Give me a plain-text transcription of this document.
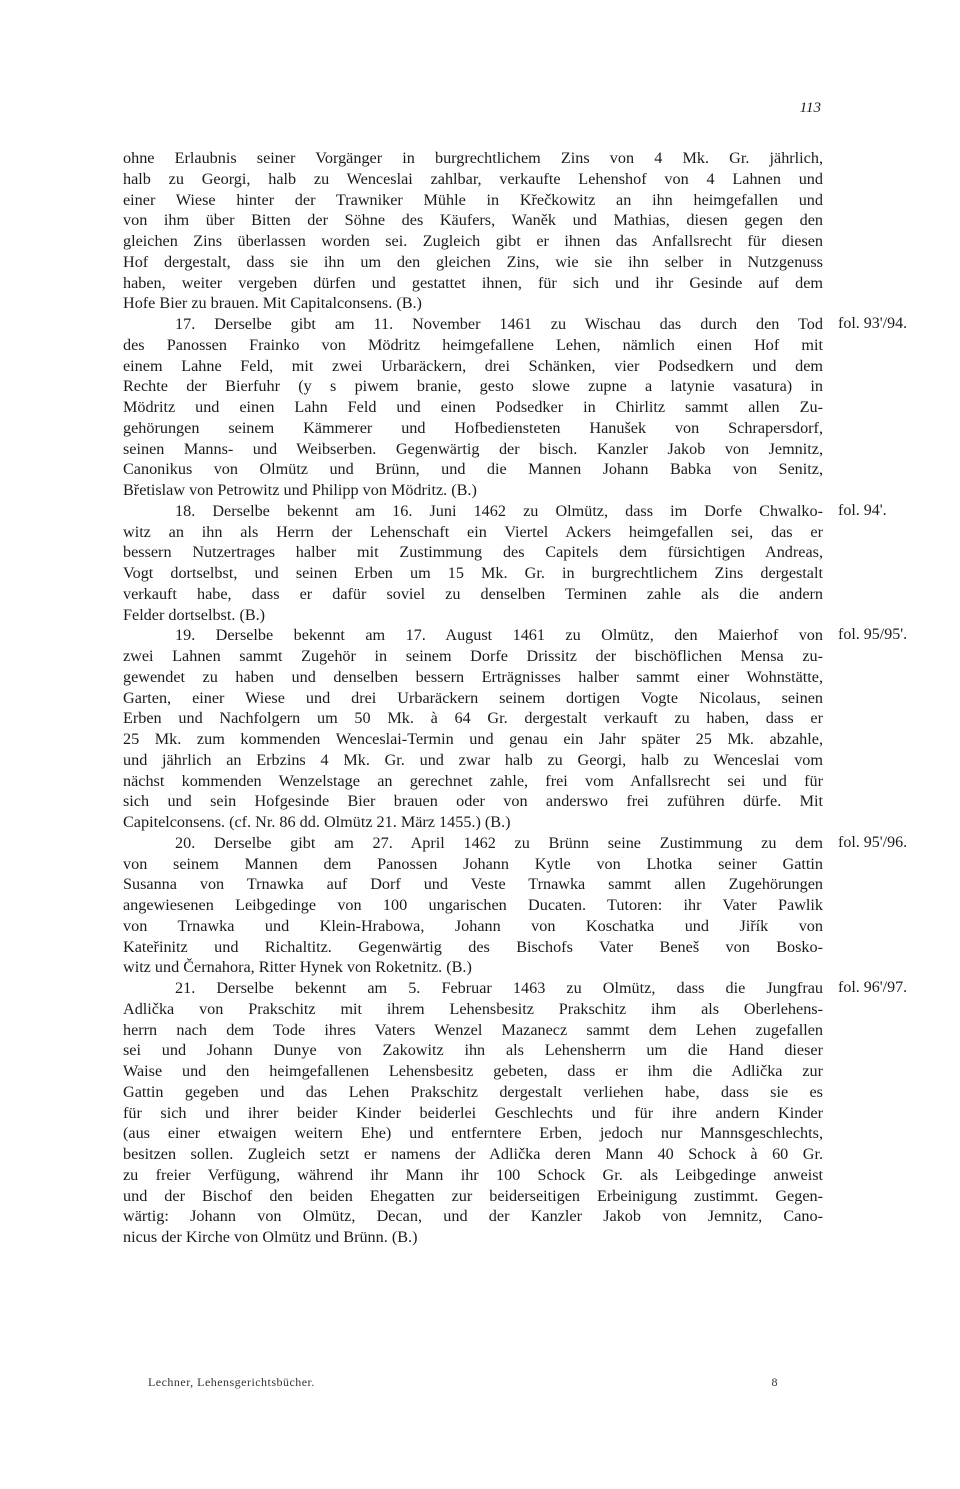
113
ohne Erlaubnis seiner Vorgänger in burgrechtlichem Zins von 4 Mk. Gr. jährlich,
halb zu Georgi, halb zu Wenceslai zahlbar, verkaufte Lehenshof von 4 Lahnen und
einer Wiese hinter der Trawniker Mühle in Křečkowitz an ihn heimgefallen und
von ihm über Bitten der Söhne des Käufers, Waněk und Mathias, diesen gegen den
gleichen Zins überlassen worden sei. Zugleich gibt er ihnen das Anfallsrecht für diesen
Hof dergestalt, dass sie ihn um den gleichen Zins, wie sie ihn selber in Nutzgenuss
haben, weiter vergeben dürfen und gestattet ihnen, für sich und ihr Gesinde auf dem
Hofe Bier zu brauen. Mit Capitalconsens. (B.)
17. Derselbe gibt am 11. November 1461 zu Wischau das durch den Tod fol. 93'/94.
des Panossen Frainko von Mödritz heimgefallene Lehen, nämlich einen Hof mit
einem Lahne Feld, mit zwei Urbaräckern, drei Schänken, vier Podsedkern und dem
Rechte der Bierfuhr (y s piwem branie, gesto slowe zupne a latynie vasatura) in
Mödritz und einen Lahn Feld und einen Podsedker in Chirlitz sammt allen Zu-
gehörungen seinem Kämmerer und Hofbediensteten Hanušek von Schrapersdorf,
seinen Manns- und Weibserben. Gegenwärtig der bisch. Kanzler Jakob von Jemnitz,
Canonikus von Olmütz und Brünn, und die Mannen Johann Babka von Senitz,
Břetislaw von Petrowitz und Philipp von Mödritz. (B.)
18. Derselbe bekennt am 16. Juni 1462 zu Olmütz, dass im Dorfe Chwalko- fol. 94'.
witz an ihn als Herrn der Lehenschaft ein Viertel Ackers heimgefallen sei, das er
bessern Nutzertrages halber mit Zustimmung des Capitels dem fürsichtigen Andreas,
Vogt dortselbst, und seinen Erben um 15 Mk. Gr. in burgrechtlichem Zins dergestalt
verkauft habe, dass er dafür soviel zu denselben Terminen zahle als die andern
Felder dortselbst. (B.)
19. Derselbe bekennt am 17. August 1461 zu Olmütz, den Maierhof von fol. 95/95'.
zwei Lahnen sammt Zugehör in seinem Dorfe Drissitz der bischöflichen Mensa zu-
gewendet zu haben und denselben bessern Erträgnisses halber sammt einer Wohnstätte,
Garten, einer Wiese und drei Urbaräckern seinem dortigen Vogte Nicolaus, seinen
Erben und Nachfolgern um 50 Mk. à 64 Gr. dergestalt verkauft zu haben, dass er
25 Mk. zum kommenden Wenceslai-Termin und genau ein Jahr später 25 Mk. abzahle,
und jährlich an Erbzins 4 Mk. Gr. und zwar halb zu Georgi, halb zu Wenceslai vom
nächst kommenden Wenzelstage an gerechnet zahle, frei vom Anfallsrecht sei und für
sich und sein Hofgesinde Bier brauen oder von anderswo frei zuführen dürfe. Mit
Capitelconsens. (cf. Nr. 86 dd. Olmütz 21. März 1455.) (B.)
20. Derselbe gibt am 27. April 1462 zu Brünn seine Zustimmung zu dem fol. 95'/96.
von seinem Mannen dem Panossen Johann Kytle von Lhotka seiner Gattin
Susanna von Trnawka auf Dorf und Veste Trnawka sammt allen Zugehörungen
angewiesenen Leibgedinge von 100 ungarischen Ducaten. Tutoren: ihr Vater Pawlik
von Trnawka und Klein-Hrabowa, Johann von Koschatka und Jiřík von
Kateřinitz und Richaltitz. Gegenwärtig des Bischofs Vater Beneš von Bosko-
witz und Černahora, Ritter Hynek von Roketnitz. (B.)
21. Derselbe bekennt am 5. Februar 1463 zu Olmütz, dass die Jungfrau fol. 96'/97.
Adlička von Prakschitz mit ihrem Lehensbesitz Prakschitz ihm als Oberlehens-
herrn nach dem Tode ihres Vaters Wenzel Mazanecz sammt dem Lehen zugefallen
sei und Johann Dunye von Zakowitz ihn als Lehensherrn um die Hand dieser
Waise und den heimgefallenen Lehensbesitz gebeten, dass er ihm die Adlička zur
Gattin gegeben und das Lehen Prakschitz dergestalt verliehen habe, dass sie es
für sich und ihrer beider Kinder beiderlei Geschlechts und für ihre andern Kinder
(aus einer etwaigen weitern Ehe) und entferntere Erben, jedoch nur Mannsgeschlechts,
besitzen sollen. Zugleich setzt er namens der Adlička deren Mann 40 Schock à 60 Gr.
zu freier Verfügung, während ihr Mann ihr 100 Schock Gr. als Leibgedinge anweist
und der Bischof den beiden Ehegatten zur beiderseitigen Erbeinigung zustimmt. Gegen-
wärtig: Johann von Olmütz, Decan, und der Kanzler Jakob von Jemnitz, Cano-
nicus der Kirche von Olmütz und Brünn. (B.)
Lechner, Lehensgerichtsbücher.	8
